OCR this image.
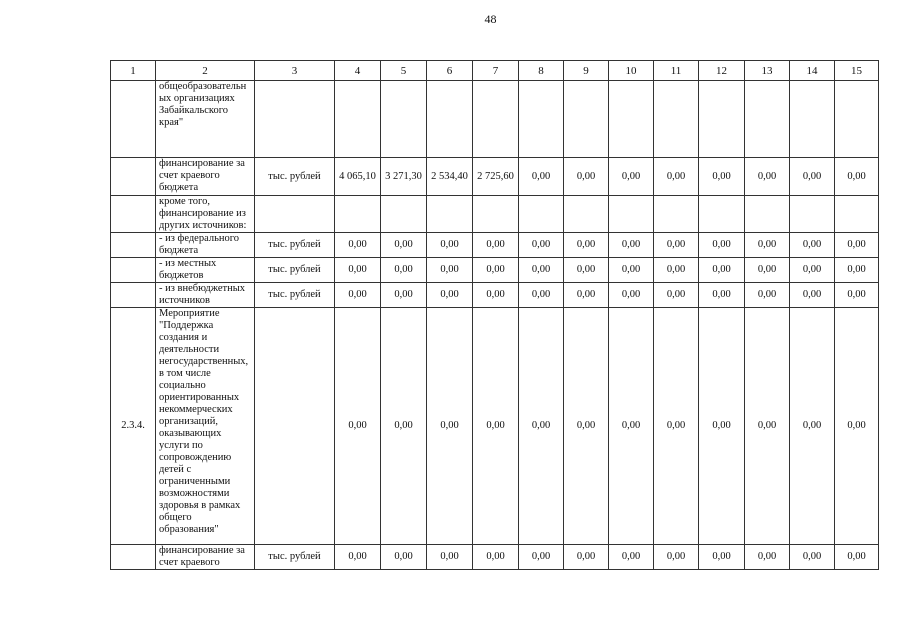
48
1	2	3	4	5	6	7	8	9	10	11	12	13	14	15
	общеобразовательн ых организациях Забайкальского края"													
	финансирование за счет краевого бюджета	тыс. рублей	4 065,10	3 271,30	2 534,40	2 725,60	0,00	0,00	0,00	0,00	0,00	0,00	0,00	0,00
	кроме того, финансирование из других источников:													
	- из федерального бюджета	тыс. рублей	0,00	0,00	0,00	0,00	0,00	0,00	0,00	0,00	0,00	0,00	0,00	0,00
	- из местных бюджетов	тыс. рублей	0,00	0,00	0,00	0,00	0,00	0,00	0,00	0,00	0,00	0,00	0,00	0,00
	- из внебюджетных источников	тыс. рублей	0,00	0,00	0,00	0,00	0,00	0,00	0,00	0,00	0,00	0,00	0,00	0,00
2.3.4.	Мероприятие "Поддержка создания и деятельности негосударственных, в том числе социально ориентированных некоммерческих организаций, оказывающих услуги по сопровождению детей с ограниченными возможностями здоровья в рамках общего образования"		0,00	0,00	0,00	0,00	0,00	0,00	0,00	0,00	0,00	0,00	0,00	0,00
	финансирование за счет краевого	тыс. рублей	0,00	0,00	0,00	0,00	0,00	0,00	0,00	0,00	0,00	0,00	0,00	0,00
